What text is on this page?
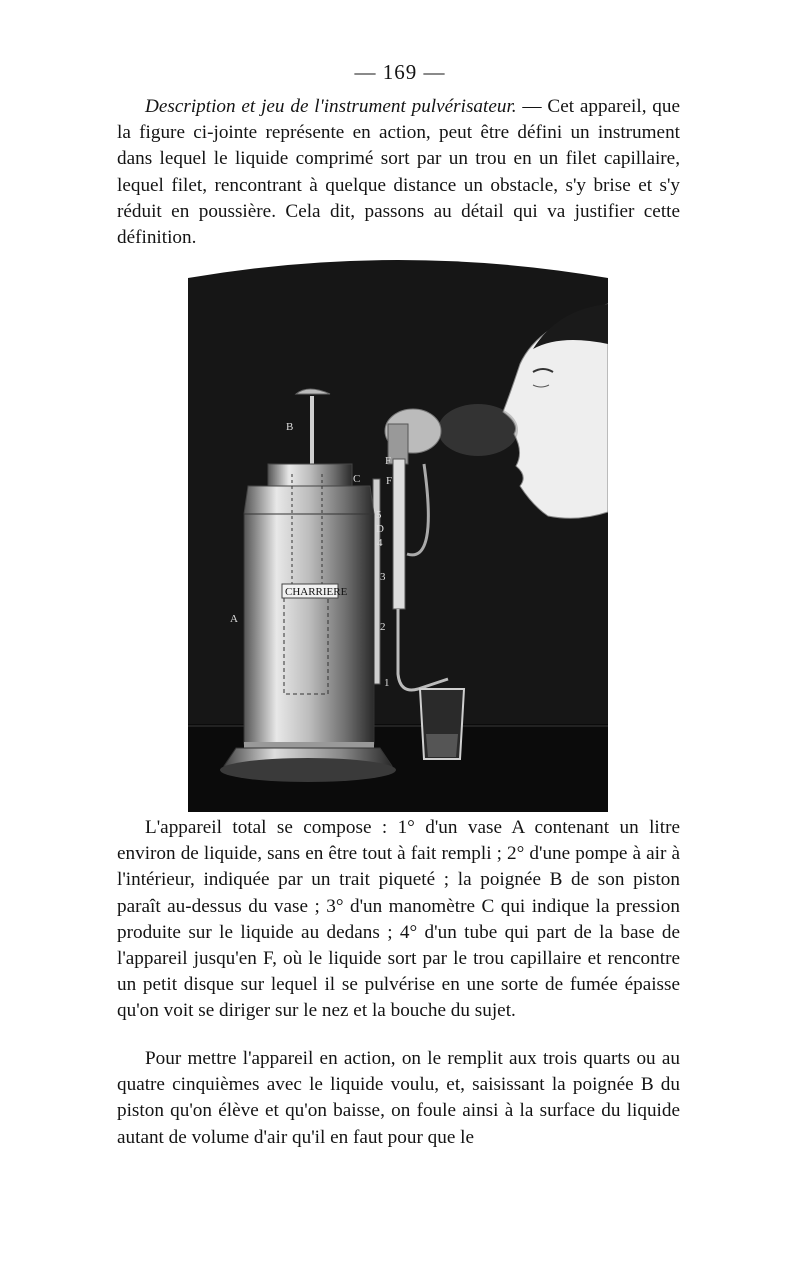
— 169 —

Description et jeu de l'instrument pulvérisateur. — Cet appareil, que la figure ci-jointe représente en action, peut être défini un instrument dans lequel le liquide comprimé sort par un trou en un filet capillaire, lequel filet, rencontrant à quelque distance un obstacle, s'y brise et s'y réduit en poussière. Cela dit, passons au détail qui va justifier cette définition.

CHARRIERE
A
B
C
D
F
F
1
2
3
4
5

L'appareil total se compose : 1° d'un vase A contenant un litre environ de liquide, sans en être tout à fait rempli ; 2° d'une pompe à air à l'intérieur, indiquée par un trait piqueté ; la poignée B de son piston paraît au-dessus du vase ; 3° d'un manomètre C qui indique la pression produite sur le liquide au dedans ; 4° d'un tube qui part de la base de l'appareil jusqu'en F, où le liquide sort par le trou capillaire et rencontre un petit disque sur lequel il se pulvérise en une sorte de fumée épaisse qu'on voit se diriger sur le nez et la bouche du sujet.

Pour mettre l'appareil en action, on le remplit aux trois quarts ou au quatre cinquièmes avec le liquide voulu, et, saisissant la poignée B du piston qu'on élève et qu'on baisse, on foule ainsi à la surface du liquide autant de volume d'air qu'il en faut pour que le
